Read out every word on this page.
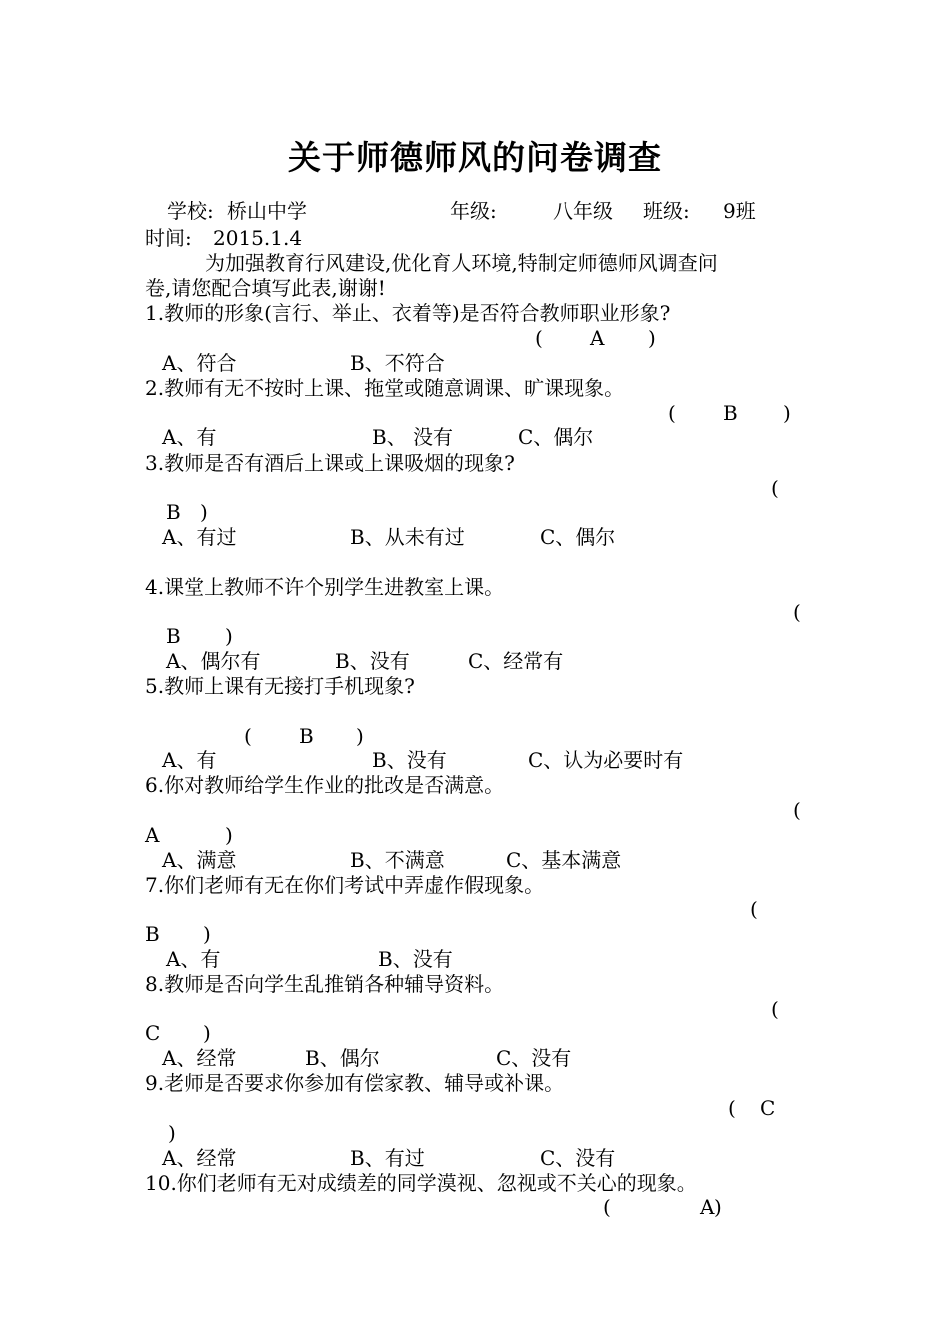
关于师德师风的问卷调查
学校: 桥山中学	年级:	八年级 班级: 9班
时间: 2015.1.4
为加强教育行风建设,优化育人环境,特制定师德师风调查问
卷,请您配合填写此表,谢谢!
1.教师的形象(言行、举止、衣着等)是否符合教师职业形象?
( A )
A、符合	B、不符合
2.教师有无不按时上课、拖堂或随意调课、旷课现象。
( B )
A、有	B、 没有	C、偶尔
3.教师是否有酒后上课或上课吸烟的现象?
(
B )
A、有过	B、从未有过	C、偶尔
4.课堂上教师不许个别学生进教室上课。
(
B )
A、偶尔有	B、没有	C、经常有
5.教师上课有无接打手机现象?
( B )
A、有	B、没有	C、认为必要时有
6.你对教师给学生作业的批改是否满意。
(
A	)
A、满意	B、不满意	C、基本满意
7.你们老师有无在你们考试中弄虚作假现象。
(
B )
A、有	B、没有
8.教师是否向学生乱推销各种辅导资料。
(
C )
A、经常	B、偶尔	C、没有
9.老师是否要求你参加有偿家教、辅导或补课。
( C
)
A、经常	B、有过	C、没有
10.你们老师有无对成绩差的同学漠视、忽视或不关心的现象。
(	A )
